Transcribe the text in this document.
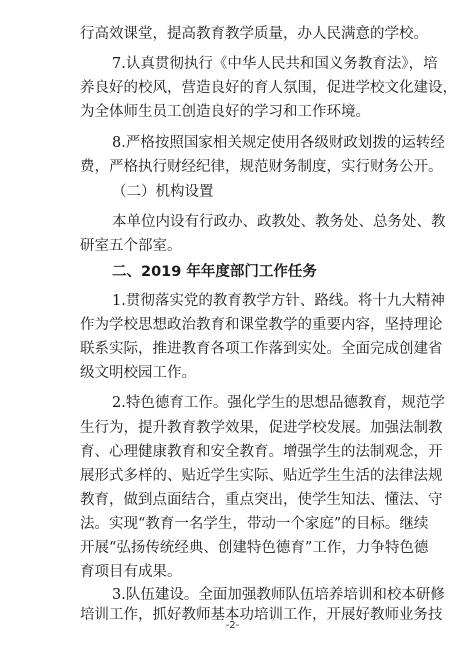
行高效课堂，提高教育教学质量，办人民满意的学校。
7.认真贯彻执行《中华人民共和国义务教育法》，培
养良好的校风，营造良好的育人氛围，促进学校文化建设，
为全体师生员工创造良好的学习和工作环境。
8.严格按照国家相关规定使用各级财政划拨的运转经
费，严格执行财经纪律，规范财务制度，实行财务公开。
（二）机构设置
本单位内设有行政办、政教处、教务处、总务处、教
研室五个部室。
二、2019 年年度部门工作任务
1.贯彻落实党的教育教学方针、路线。将十九大精神
作为学校思想政治教育和课堂教学的重要内容，坚持理论
联系实际，推进教育各项工作落到实处。全面完成创建省
级文明校园工作。
2.特色德育工作。强化学生的思想品德教育，规范学
生行为，提升教育教学效果，促进学校发展。加强法制教
育、心理健康教育和安全教育。增强学生的法制观念，开
展形式多样的、贴近学生实际、贴近学生生活的法律法规
教育，做到点面结合，重点突出，使学生知法、懂法、守
法。实现“教育一名学生，带动一个家庭”的目标。继续
开展“弘扬传统经典、创建特色德育”工作，力争特色德
育项目有成果。
3.队伍建设。全面加强教师队伍培养培训和校本研修
培训工作，抓好教师基本功培训工作，开展好教师业务技
-2-
